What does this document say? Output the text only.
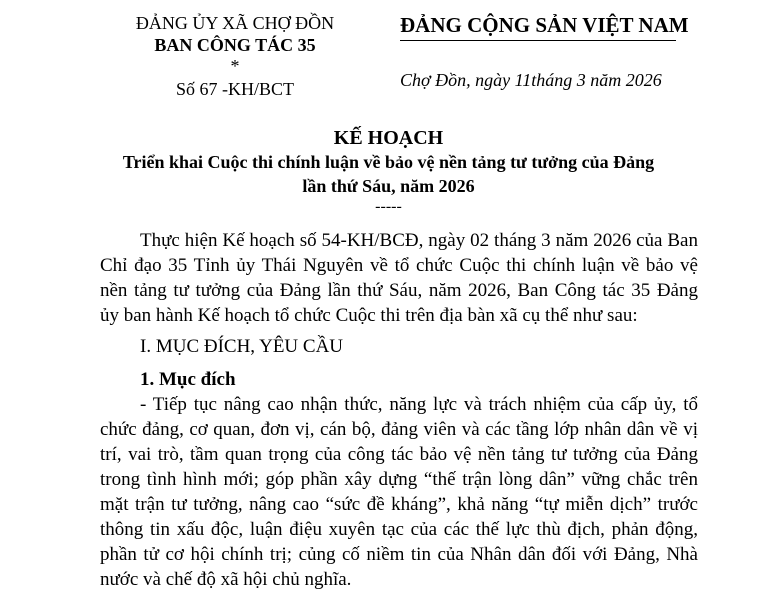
ĐẢNG ỦY XÃ CHỢ ĐỒN
BAN CÔNG TÁC 35
*
Số 67 -KH/BCT
ĐẢNG CỘNG SẢN VIỆT NAM
Chợ Đồn, ngày 11tháng 3 năm 2026
KẾ HOẠCH
Triển khai Cuộc thi chính luận về bảo vệ nền tảng tư tưởng của Đảng
lần thứ Sáu, năm 2026
-----
Thực hiện Kế hoạch số 54-KH/BCĐ, ngày 02 tháng 3 năm 2026 của Ban
Chỉ đạo 35 Tỉnh ủy Thái Nguyên về tổ chức Cuộc thi chính luận về bảo vệ
nền tảng tư tưởng của Đảng lần thứ Sáu, năm 2026, Ban Công tác 35 Đảng
ủy ban hành Kế hoạch tổ chức Cuộc thi trên địa bàn xã cụ thể như sau:
I. MỤC ĐÍCH, YÊU CẦU
1. Mục đích
- Tiếp tục nâng cao nhận thức, năng lực và trách nhiệm của cấp ủy, tổ
chức đảng, cơ quan, đơn vị, cán bộ, đảng viên và các tầng lớp nhân dân về vị
trí, vai trò, tầm quan trọng của công tác bảo vệ nền tảng tư tưởng của Đảng
trong tình hình mới; góp phần xây dựng “thế trận lòng dân” vững chắc trên
mặt trận tư tưởng, nâng cao “sức đề kháng”, khả năng “tự miễn dịch” trước
thông tin xấu độc, luận điệu xuyên tạc của các thế lực thù địch, phản động,
phần tử cơ hội chính trị; củng cố niềm tin của Nhân dân đối với Đảng, Nhà
nước và chế độ xã hội chủ nghĩa.
